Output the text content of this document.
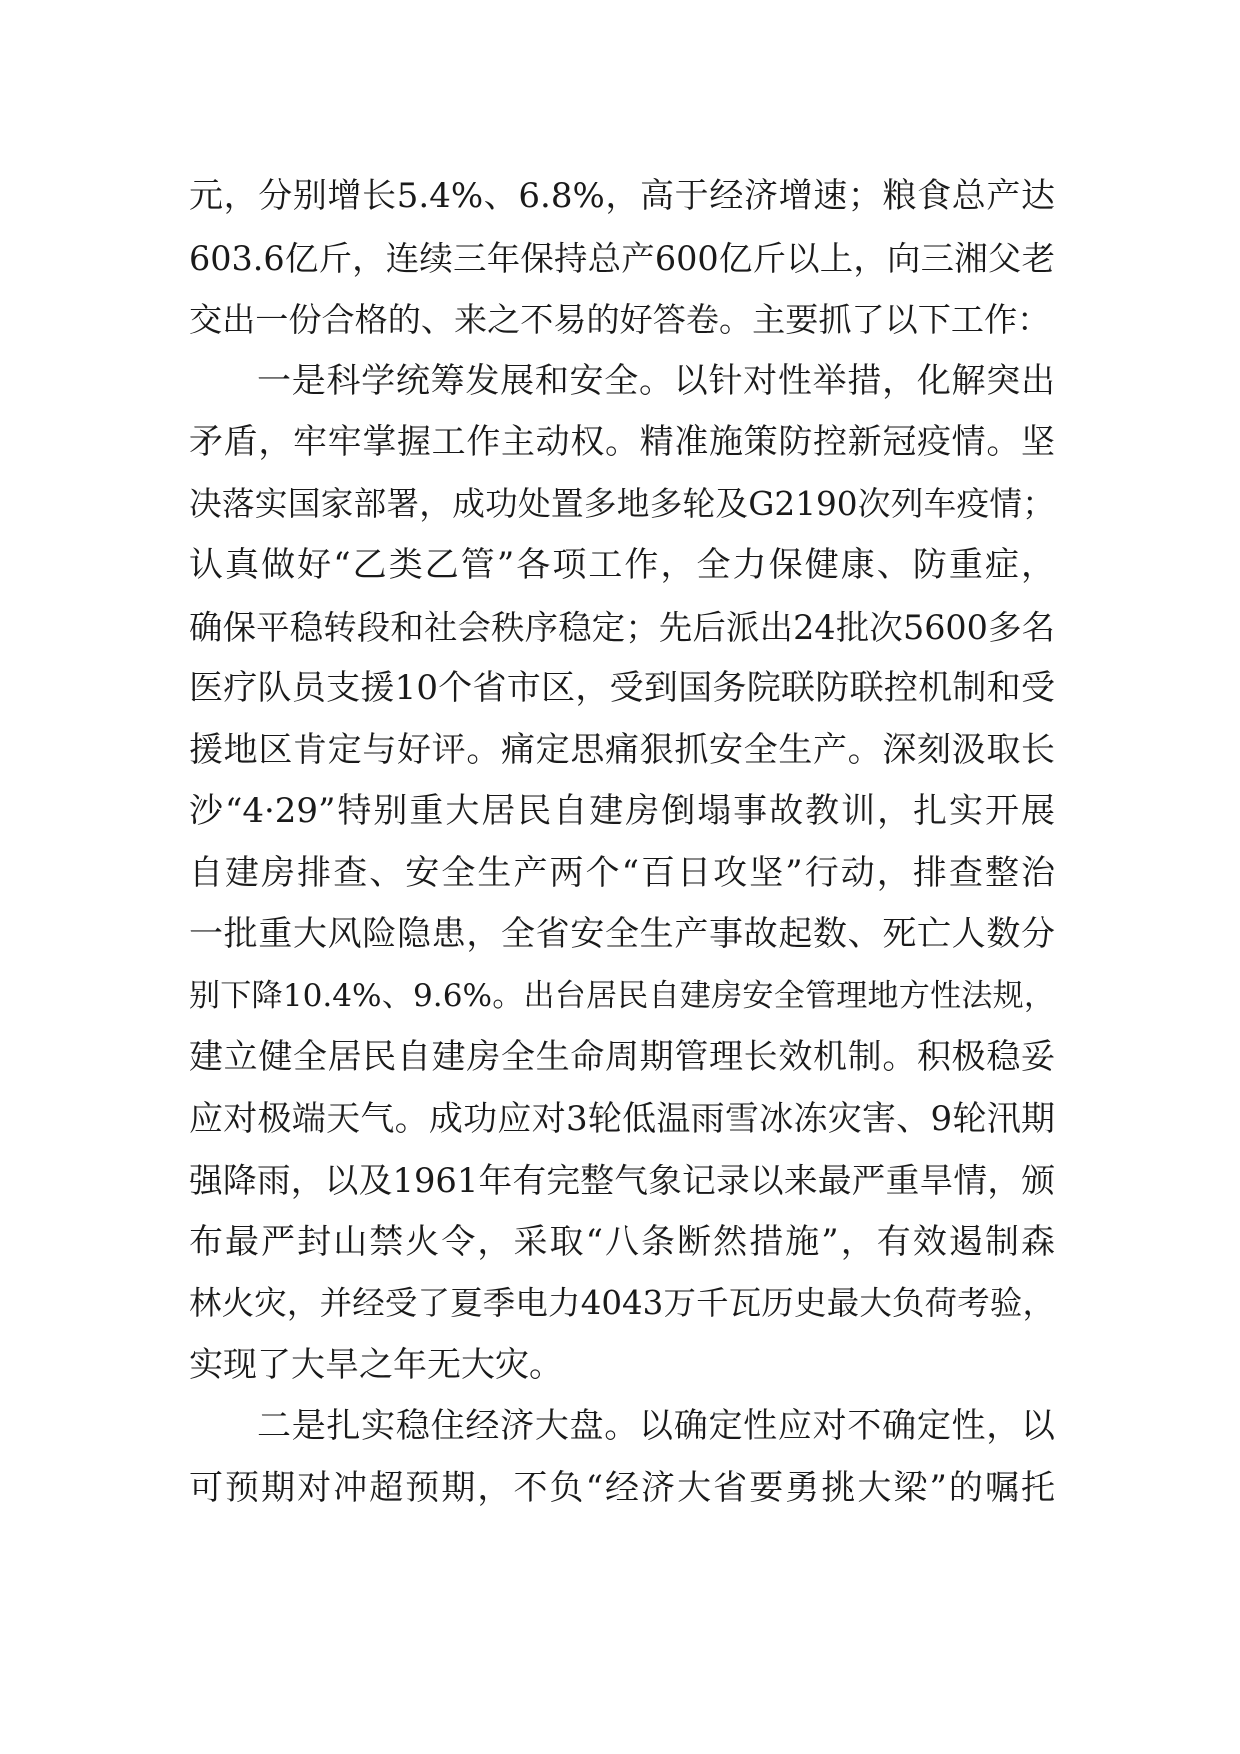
元，分别增长5.4%、6.8%，高于经济增速；粮食总产达
603.6亿斤，连续三年保持总产600亿斤以上，向三湘父老
交出一份合格的、来之不易的好答卷。主要抓了以下工作：
一是科学统筹发展和安全。以针对性举措，化解突出
矛盾，牢牢掌握工作主动权。精准施策防控新冠疫情。坚
决落实国家部署，成功处置多地多轮及G2190次列车疫情；
认真做好“乙类乙管”各项工作，全力保健康、防重症，
确保平稳转段和社会秩序稳定；先后派出24批次5600多名
医疗队员支援10个省市区，受到国务院联防联控机制和受
援地区肯定与好评。痛定思痛狠抓安全生产。深刻汲取长
沙“4·29”特别重大居民自建房倒塌事故教训，扎实开展
自建房排查、安全生产两个“百日攻坚”行动，排查整治
一批重大风险隐患，全省安全生产事故起数、死亡人数分
别下降10.4%、9.6%。出台居民自建房安全管理地方性法规，
建立健全居民自建房全生命周期管理长效机制。积极稳妥
应对极端天气。成功应对3轮低温雨雪冰冻灾害、9轮汛期
强降雨，以及1961年有完整气象记录以来最严重旱情，颁
布最严封山禁火令，采取“八条断然措施”，有效遏制森
林火灾，并经受了夏季电力4043万千瓦历史最大负荷考验，
实现了大旱之年无大灾。
二是扎实稳住经济大盘。以确定性应对不确定性，以
可预期对冲超预期，不负“经济大省要勇挑大梁”的嘱托
